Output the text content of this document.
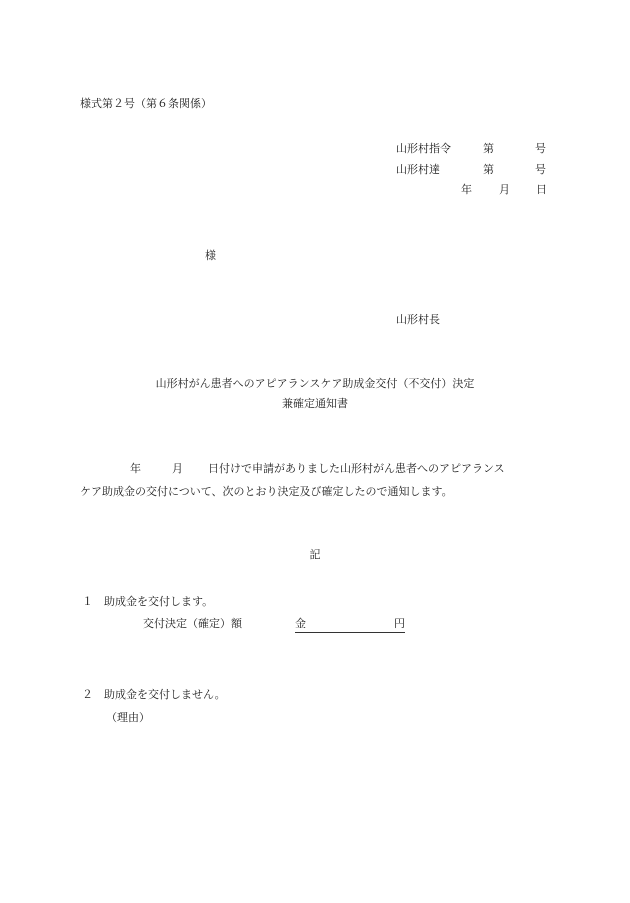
様式第２号（第６条関係）
山形村指令	第	号
山形村達	第	号
年	月	日
様
山形村長
山形村がん患者へのアピアランスケア助成金交付（不交付）決定
兼確定通知書
年	月	日付けで申請がありました山形村がん患者へのアピアランス
ケア助成金の交付について、次のとおり決定及び確定したので通知します。
記
１	助成金を交付します。
交付決定（確定）額	金	円
２	助成金を交付しません。
（理由）
